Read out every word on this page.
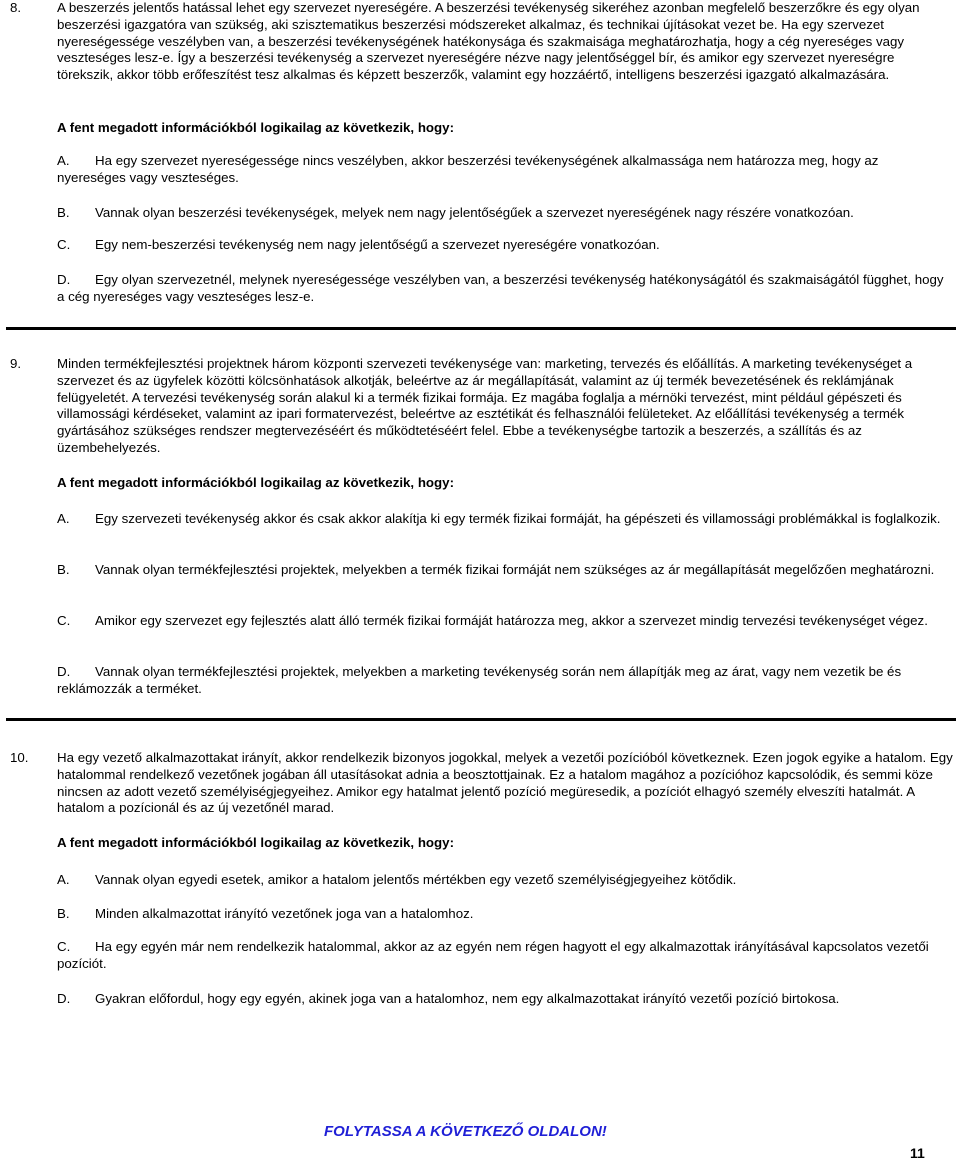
8.	A beszerzés jelentős hatással lehet egy szervezet nyereségére. A beszerzési tevékenység sikeréhez azonban megfelelő beszerzőkre és egy olyan beszerzési igazgatóra van szükség, aki szisztematikus beszerzési módszereket alkalmaz, és technikai újításokat vezet be. Ha egy szervezet nyereségessége veszélyben van, a beszerzési tevékenységének hatékonysága és szakmaisága meghatározhatja, hogy a cég nyereséges vagy veszteséges lesz-e. Így a beszerzési tevékenység a szervezet nyereségére nézve nagy jelentőséggel bír, és amikor egy szervezet nyereségre törekszik, akkor több erőfeszítést tesz alkalmas és képzett beszerzők, valamint egy hozzáértő, intelligens beszerzési igazgató alkalmazására.

A fent megadott információkból logikailag az következik, hogy:

A. Ha egy szervezet nyereségessége nincs veszélyben, akkor beszerzési tevékenységének alkalmassága nem határozza meg, hogy az nyereséges vagy veszteséges.

B. Vannak olyan beszerzési tevékenységek, melyek nem nagy jelentőségűek a szervezet nyereségének nagy részére vonatkozóan.

C. Egy nem-beszerzési tevékenység nem nagy jelentőségű a szervezet nyereségére vonatkozóan.

D. Egy olyan szervezetnél, melynek nyereségessége veszélyben van, a beszerzési tevékenység hatékonyságától és szakmaiságától függhet, hogy a cég nyereséges vagy veszteséges lesz-e.

9.	Minden termékfejlesztési projektnek három központi szervezeti tevékenysége van: marketing, tervezés és előállítás. A marketing tevékenységet a szervezet és az ügyfelek közötti kölcsönhatások alkotják, beleértve az ár megállapítását, valamint az új termék bevezetésének és reklámjának felügyeletét. A tervezési tevékenység során alakul ki a termék fizikai formája. Ez magába foglalja a mérnöki tervezést, mint például gépészeti és villamossági kérdéseket, valamint az ipari formatervezést, beleértve az esztétikát és felhasználói felületeket. Az előállítási tevékenység a termék gyártásához szükséges rendszer megtervezéséért és működtetéséért felel. Ebbe a tevékenységbe tartozik a beszerzés, a szállítás és az üzembehelyezés.

A fent megadott információkból logikailag az következik, hogy:

A. Egy szervezeti tevékenység akkor és csak akkor alakítja ki egy termék fizikai formáját, ha gépészeti és villamossági problémákkal is foglalkozik.

B. Vannak olyan termékfejlesztési projektek, melyekben a termék fizikai formáját nem szükséges az ár megállapítását megelőzően meghatározni.

C. Amikor egy szervezet egy fejlesztés alatt álló termék fizikai formáját határozza meg, akkor a szervezet mindig tervezési tevékenységet végez.

D. Vannak olyan termékfejlesztési projektek, melyekben a marketing tevékenység során nem állapítják meg az árat, vagy nem vezetik be és reklámozzák a terméket.

10. Ha egy vezető alkalmazottakat irányít, akkor rendelkezik bizonyos jogokkal, melyek a vezetői pozícióból következnek. Ezen jogok egyike a hatalom. Egy hatalommal rendelkező vezetőnek jogában áll utasításokat adnia a beosztottjainak. Ez a hatalom magához a pozícióhoz kapcsolódik, és semmi köze nincsen az adott vezető személyiségjegyeihez. Amikor egy hatalmat jelentő pozíció megüresedik, a pozíciót elhagyó személy elveszíti hatalmát. A hatalom a pozícionál és az új vezetőnél marad.

A fent megadott információkból logikailag az következik, hogy:

A. Vannak olyan egyedi esetek, amikor a hatalom jelentős mértékben egy vezető személyiségjegyeihez kötődik.

B. Minden alkalmazottat irányító vezetőnek joga van a hatalomhoz.

C. Ha egy egyén már nem rendelkezik hatalommal, akkor az az egyén nem régen hagyott el egy alkalmazottak irányításával kapcsolatos vezetői pozíciót.

D. Gyakran előfordul, hogy egy egyén, akinek joga van a hatalomhoz, nem egy alkalmazottakat irányító vezetői pozíció birtokosa.

FOLYTASSA A KÖVETKEZŐ OLDALON!
11
